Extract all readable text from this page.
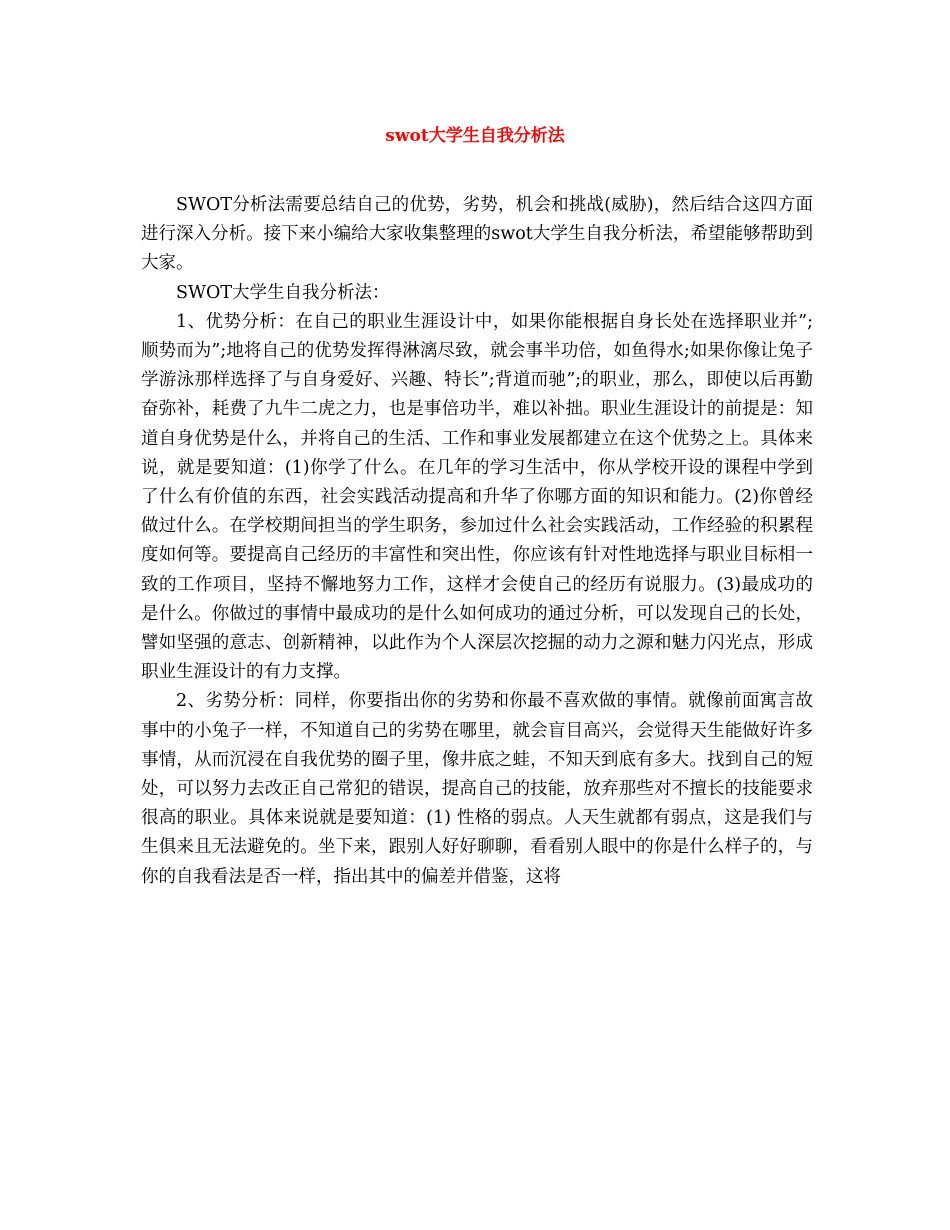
swot大学生自我分析法

SWOT分析法需要总结自己的优势，劣势，机会和挑战(威胁)，然后结合这四方面进行深入分析。接下来小编给大家收集整理的swot大学生自我分析法，希望能够帮助到大家。

SWOT大学生自我分析法：

1、优势分析：在自己的职业生涯设计中，如果你能根据自身长处在选择职业并”;顺势而为”;地将自己的优势发挥得淋漓尽致，就会事半功倍，如鱼得水;如果你像让兔子学游泳那样选择了与自身爱好、兴趣、特长”;背道而驰”;的职业，那么，即使以后再勤奋弥补，耗费了九牛二虎之力，也是事倍功半，难以补拙。职业生涯设计的前提是：知道自身优势是什么，并将自己的生活、工作和事业发展都建立在这个优势之上。具体来说，就是要知道：(1)你学了什么。在几年的学习生活中，你从学校开设的课程中学到了什么有价值的东西，社会实践活动提高和升华了你哪方面的知识和能力。(2)你曾经做过什么。在学校期间担当的学生职务，参加过什么社会实践活动，工作经验的积累程度如何等。要提高自己经历的丰富性和突出性，你应该有针对性地选择与职业目标相一致的工作项目，坚持不懈地努力工作，这样才会使自己的经历有说服力。(3)最成功的是什么。你做过的事情中最成功的是什么如何成功的通过分析，可以发现自己的长处，譬如坚强的意志、创新精神，以此作为个人深层次挖掘的动力之源和魅力闪光点，形成职业生涯设计的有力支撑。

2、劣势分析：同样，你要指出你的劣势和你最不喜欢做的事情。就像前面寓言故事中的小兔子一样，不知道自己的劣势在哪里，就会盲目高兴，会觉得天生能做好许多事情，从而沉浸在自我优势的圈子里，像井底之蛙，不知天到底有多大。找到自己的短处，可以努力去改正自己常犯的错误，提高自己的技能，放弃那些对不擅长的技能要求很高的职业。具体来说就是要知道：(1) 性格的弱点。人天生就都有弱点，这是我们与生俱来且无法避免的。坐下来，跟别人好好聊聊，看看别人眼中的你是什么样子的，与你的自我看法是否一样，指出其中的偏差并借鉴，这将
